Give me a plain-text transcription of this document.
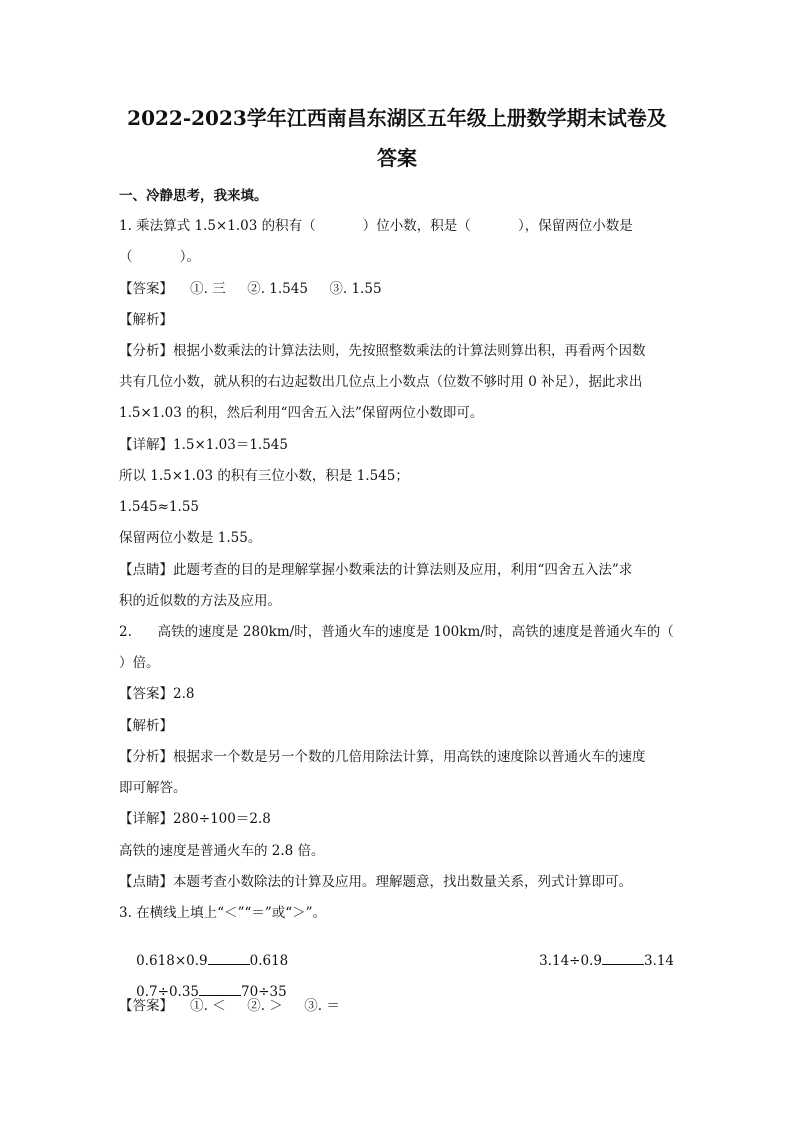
2022-2023学年江西南昌东湖区五年级上册数学期末试卷及
答案
一、冷静思考，我来填。
1. 乘法算式 1.5×1.03 的积有（           ）位小数，积是（           ），保留两位小数是
（           ）。
【答案】    ①. 三     ②. 1.545     ③. 1.55
【解析】
【分析】根据小数乘法的计算法法则，先按照整数乘法的计算法则算出积，再看两个因数
共有几位小数，就从积的右边起数出几位点上小数点（位数不够时用 0 补足），据此求出
1.5×1.03 的积，然后利用“四舍五入法”保留两位小数即可。
【详解】1.5×1.03＝1.545
所以 1.5×1.03 的积有三位小数，积是 1.545；
1.545≈1.55
保留两位小数是 1.55。
【点睛】此题考查的目的是理解掌握小数乘法的计算法则及应用，利用“四舍五入法”求
积的近似数的方法及应用。
2.      高铁的速度是 280km/时，普通火车的速度是 100km/时，高铁的速度是普通火车的（
）倍。
【答案】2.8
【解析】
【分析】根据求一个数是另一个数的几倍用除法计算，用高铁的速度除以普通火车的速度
即可解答。
【详解】280÷100＝2.8
高铁的速度是普通火车的 2.8 倍。
【点睛】本题考查小数除法的计算及应用。理解题意，找出数量关系，列式计算即可。
3. 在横线上填上“＜”“＝”或“＞”。

0.618×0.9	0.618
	3.14÷0.9	3.14

0.7÷0.35	70÷35

【答案】    ①. ＜     ②. ＞     ③. ＝
